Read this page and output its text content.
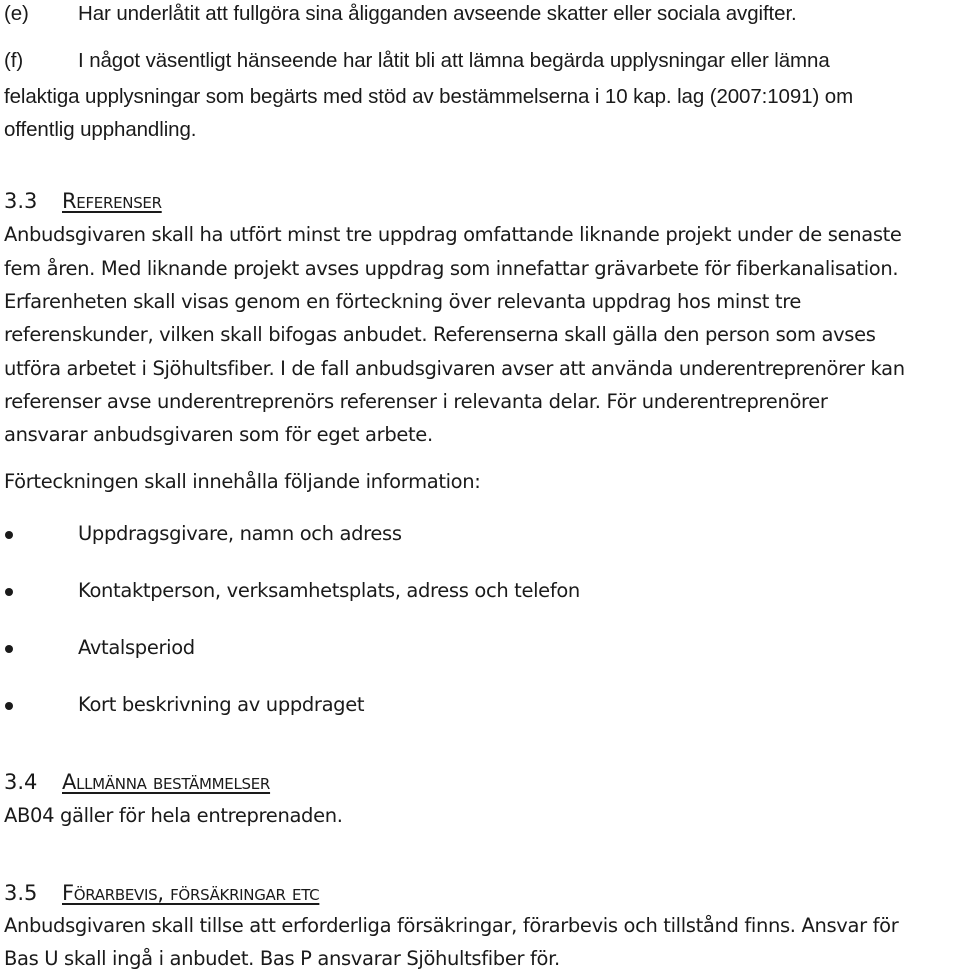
(e) Har underlåtit att fullgöra sina åligganden avseende skatter eller sociala avgifter.
(f)	I något väsentligt hänseende har låtit bli att lämna begärda upplysningar eller lämna
felaktiga upplysningar som begärts med stöd av bestämmelserna i 10 kap. lag (2007:1091) om
offentlig upphandling.
3.3 Referenser
Anbudsgivaren skall ha utfört minst tre uppdrag omfattande liknande projekt under de senaste
fem åren. Med liknande projekt avses uppdrag som innefattar grävarbete för fiberkanalisation.
Erfarenheten skall visas genom en förteckning över relevanta uppdrag hos minst tre
referenskunder, vilken skall bifogas anbudet. Referenserna skall gälla den person som avses
utföra arbetet i Sjöhultsfiber. I de fall anbudsgivaren avser att använda underentreprenörer kan
referenser avse underentreprenörs referenser i relevanta delar. För underentreprenörer
ansvarar anbudsgivaren som för eget arbete.
Förteckningen skall innehålla följande information:
Uppdragsgivare, namn och adress
Kontaktperson, verksamhetsplats, adress och telefon
Avtalsperiod
Kort beskrivning av uppdraget
3.4 Allmänna bestämmelser
AB04 gäller för hela entreprenaden.
3.5 Förarbevis, försäkringar etc
Anbudsgivaren skall tillse att erforderliga försäkringar, förarbevis och tillstånd finns. Ansvar för
Bas U skall ingå i anbudet. Bas P ansvarar Sjöhultsfiber för.
